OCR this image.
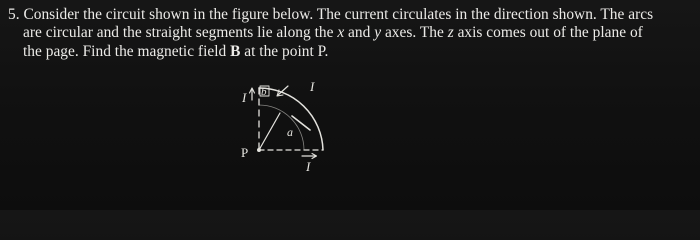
5. Consider the circuit shown in the figure below. The current circulates in the direction shown. The arcs
are circular and the straight segments lie along the x and y axes. The z axis comes out of the plane of
the page. Find the magnetic field B at the point P.
I
I
I
b
a
P
